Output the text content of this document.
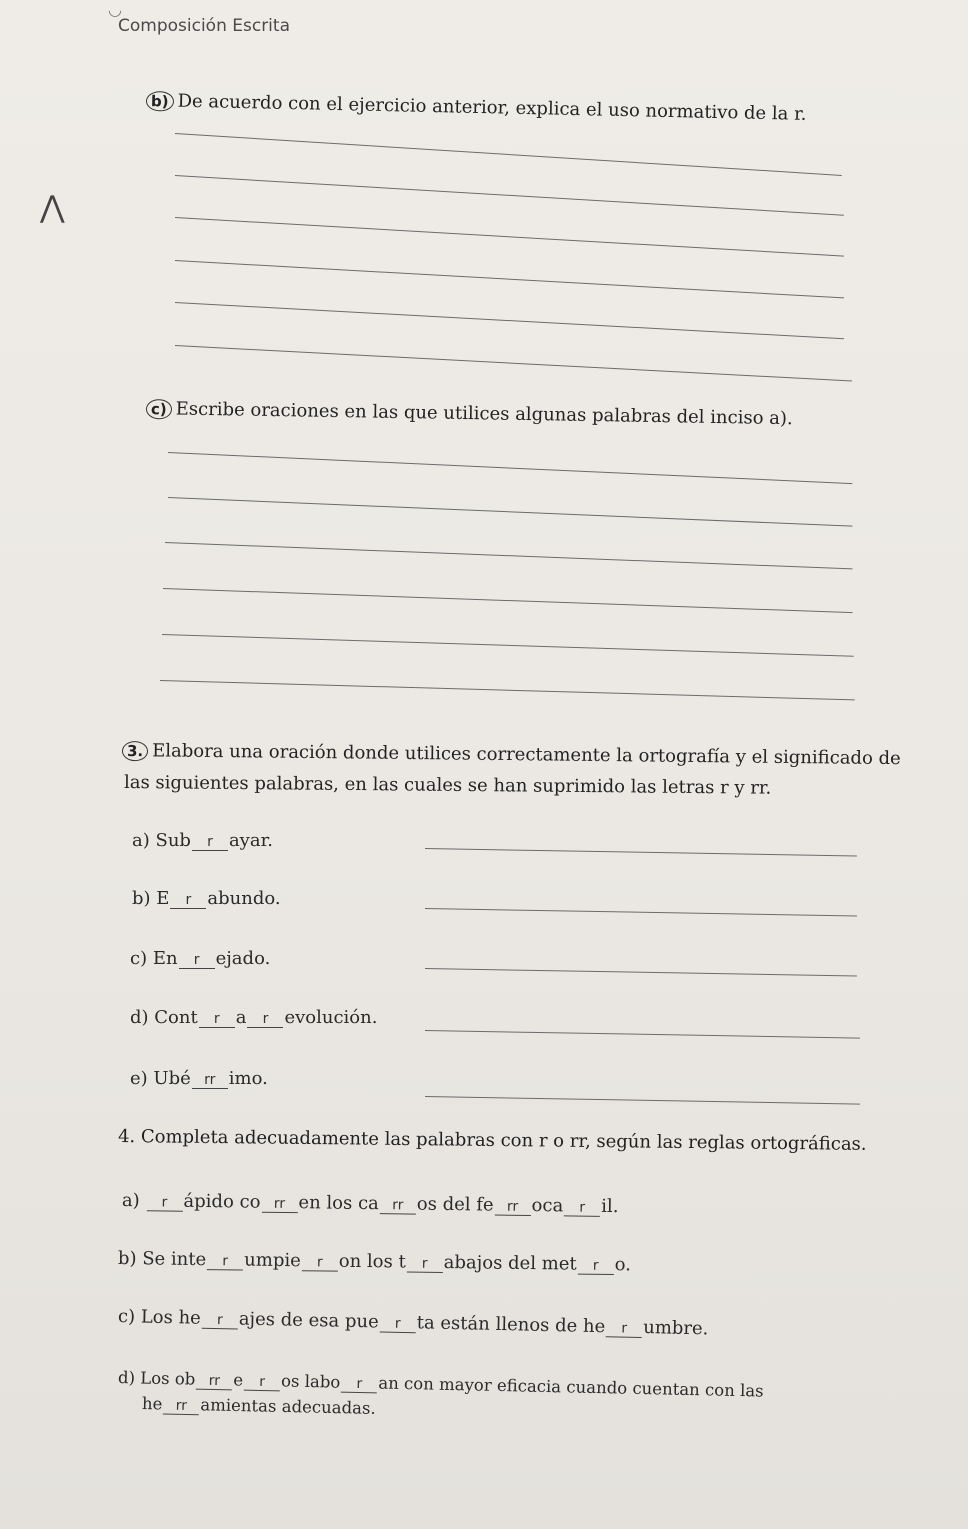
◡
Composición Escrita
b) De acuerdo con el ejercicio anterior, explica el uso normativo de la r.
⋀
c) Escribe oraciones en las que utilices algunas palabras del inciso a).
3. Elabora una oración donde utilices correctamente la ortografía y el significado de
las siguientes palabras, en las cuales se han suprimido las letras r y rr.
a) Sub r ayar.
b) E r abundo.
c) En r ejado.
d) Cont r a r evolución.
e) Ubé rr imo.
4. Completa adecuadamente las palabras con r o rr, según las reglas ortográficas.
a) r ápido co rr en los ca rr os del fe rr oca r il.
b) Se inte r umpie r on los t r abajos del met r o.
c) Los he r ajes de esa pue r ta están llenos de he r umbre.
d) Los ob rr e r os labo r an con mayor eficacia cuando cuentan con las
he rr amientas adecuadas.
